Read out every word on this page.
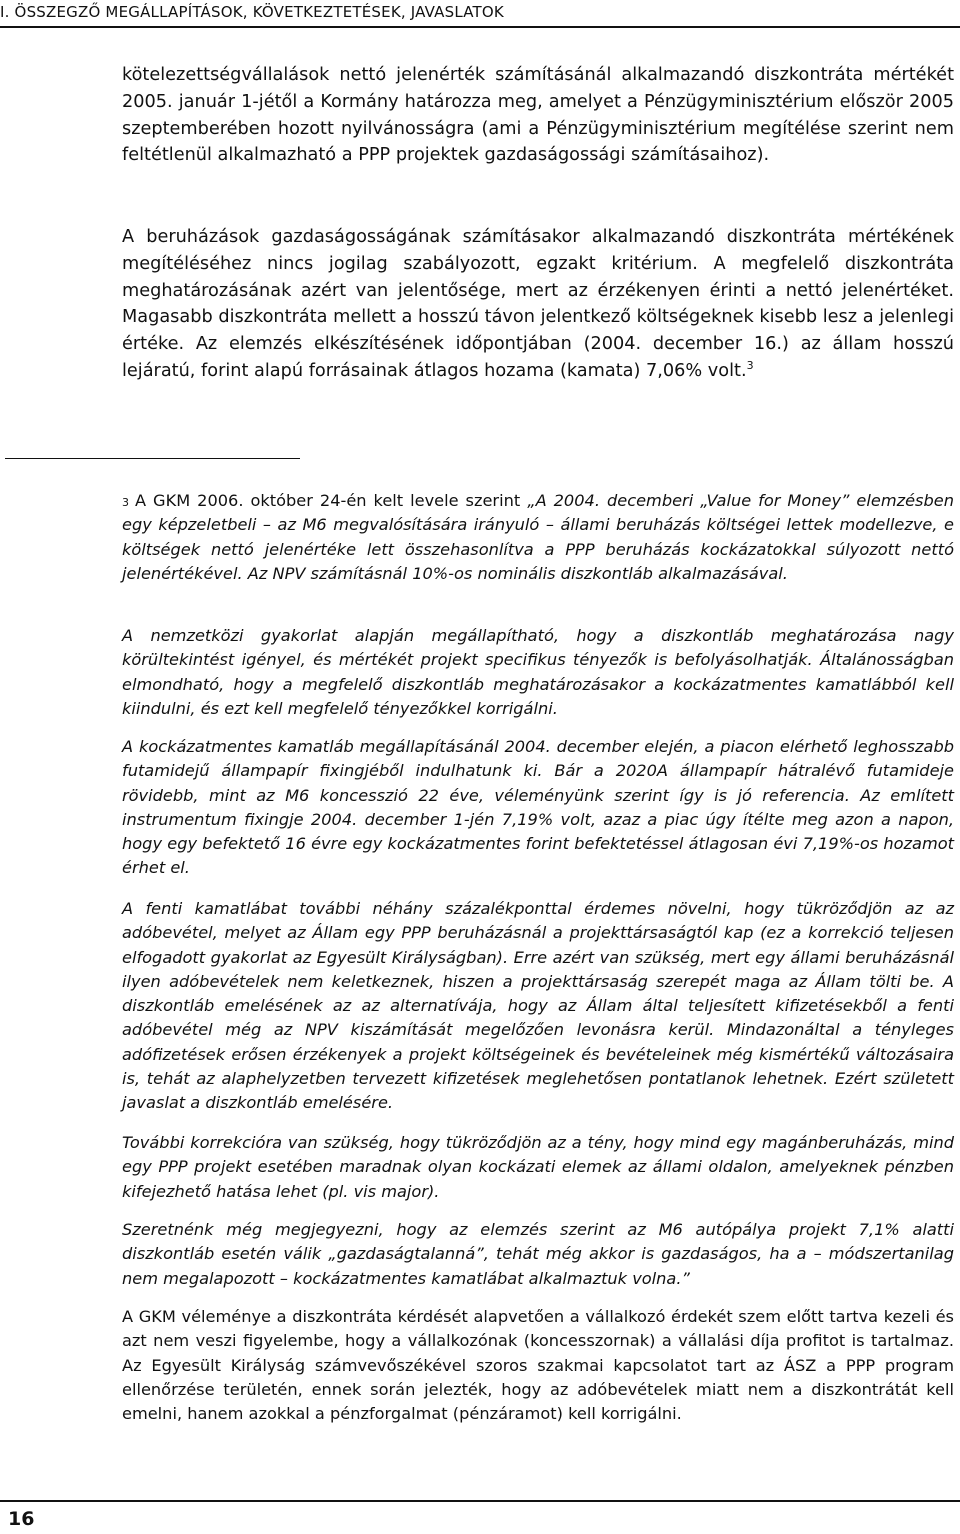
I. ÖSSZEGZŐ MEGÁLLAPÍTÁSOK, KÖVETKEZTETÉSEK, JAVASLATOK

kötelezettségvállalások nettó jelenérték számításánál alkalmazandó diszkontráta mértékét 2005. január 1-jétől a Kormány határozza meg, amelyet a Pénzügyminisztérium először 2005 szeptemberében hozott nyilvánosságra (ami a Pénzügyminisztérium megítélése szerint nem feltétlenül alkalmazható a PPP projektek gazdaságossági számításaihoz).

A beruházások gazdaságosságának számításakor alkalmazandó diszkontráta mértékének megítéléséhez nincs jogilag szabályozott, egzakt kritérium. A megfelelő diszkontráta meghatározásának azért van jelentősége, mert az érzékenyen érinti a nettó jelenértéket. Magasabb diszkontráta mellett a hosszú távon jelentkező költségeknek kisebb lesz a jelenlegi értéke. Az elemzés elkészítésének időpontjában (2004. december 16.) az állam hosszú lejáratú, forint alapú forrásainak átlagos hozama (kamata) 7,06% volt.$^3$

$^3$ A GKM 2006. október 24-én kelt levele szerint „A 2004. decemberi „Value for Money” elemzésben egy képzeletbeli – az M6 megvalósítására irányuló – állami beruházás költségei lettek modellezve, e költségek nettó jelenértéke lett összehasonlítva a PPP beruházás kockázatokkal súlyozott nettó jelenértékével. Az NPV számításnál 10%-os nominális diszkontláb alkalmazásával.

A nemzetközi gyakorlat alapján megállapítható, hogy a diszkontláb meghatározása nagy körültekintést igényel, és mértékét projekt specifikus tényezők is befolyásolhatják. Általánosságban elmondható, hogy a megfelelő diszkontláb meghatározásakor a kockázatmentes kamatlábból kell kiindulni, és ezt kell megfelelő tényezőkkel korrigálni.

A kockázatmentes kamatláb megállapításánál 2004. december elején, a piacon elérhető leghosszabb futamidejű állampapír fixingjéből indulhatunk ki. Bár a 2020A állampapír hátralévő futamideje rövidebb, mint az M6 koncesszió 22 éve, véleményünk szerint így is jó referencia. Az említett instrumentum fixingje 2004. december 1-jén 7,19% volt, azaz a piac úgy ítélte meg azon a napon, hogy egy befektető 16 évre egy kockázatmentes forint befektetéssel átlagosan évi 7,19%-os hozamot érhet el.

A fenti kamatlábat további néhány százalékponttal érdemes növelni, hogy tükröződjön az az adóbevétel, melyet az Állam egy PPP beruházásnál a projekttársaságtól kap (ez a korrekció teljesen elfogadott gyakorlat az Egyesült Királyságban). Erre azért van szükség, mert egy állami beruházásnál ilyen adóbevételek nem keletkeznek, hiszen a projekttársaság szerepét maga az Állam tölti be. A diszkontláb emelésének az az alternatívája, hogy az Állam által teljesített kifizetésekből a fenti adóbevétel még az NPV kiszámítását megelőzően levonásra kerül. Mindazonáltal a tényleges adófizetések erősen érzékenyek a projekt költségeinek és bevételeinek még kismértékű változásaira is, tehát az alaphelyzetben tervezett kifizetések meglehetősen pontatlanok lehetnek. Ezért született javaslat a diszkontláb emelésére.

További korrekcióra van szükség, hogy tükröződjön az a tény, hogy mind egy magánberuházás, mind egy PPP projekt esetében maradnak olyan kockázati elemek az állami oldalon, amelyeknek pénzben kifejezhető hatása lehet (pl. vis major).

Szeretnénk még megjegyezni, hogy az elemzés szerint az M6 autópálya projekt 7,1% alatti diszkontláb esetén válik „gazdaságtalanná”, tehát még akkor is gazdaságos, ha a – módszertanilag nem megalapozott – kockázatmentes kamatlábat alkalmaztuk volna.”

A GKM véleménye a diszkontráta kérdését alapvetően a vállalkozó érdekét szem előtt tartva kezeli és azt nem veszi figyelembe, hogy a vállalkozónak (koncesszornak) a vállalási díja profitot is tartalmaz. Az Egyesült Királyság számvevőszékével szoros szakmai kapcsolatot tart az ÁSZ a PPP program ellenőrzése területén, ennek során jelezték, hogy az adóbevételek miatt nem a diszkontrátát kell emelni, hanem azokkal a pénzforgalmat (pénzáramot) kell korrigálni.

16
